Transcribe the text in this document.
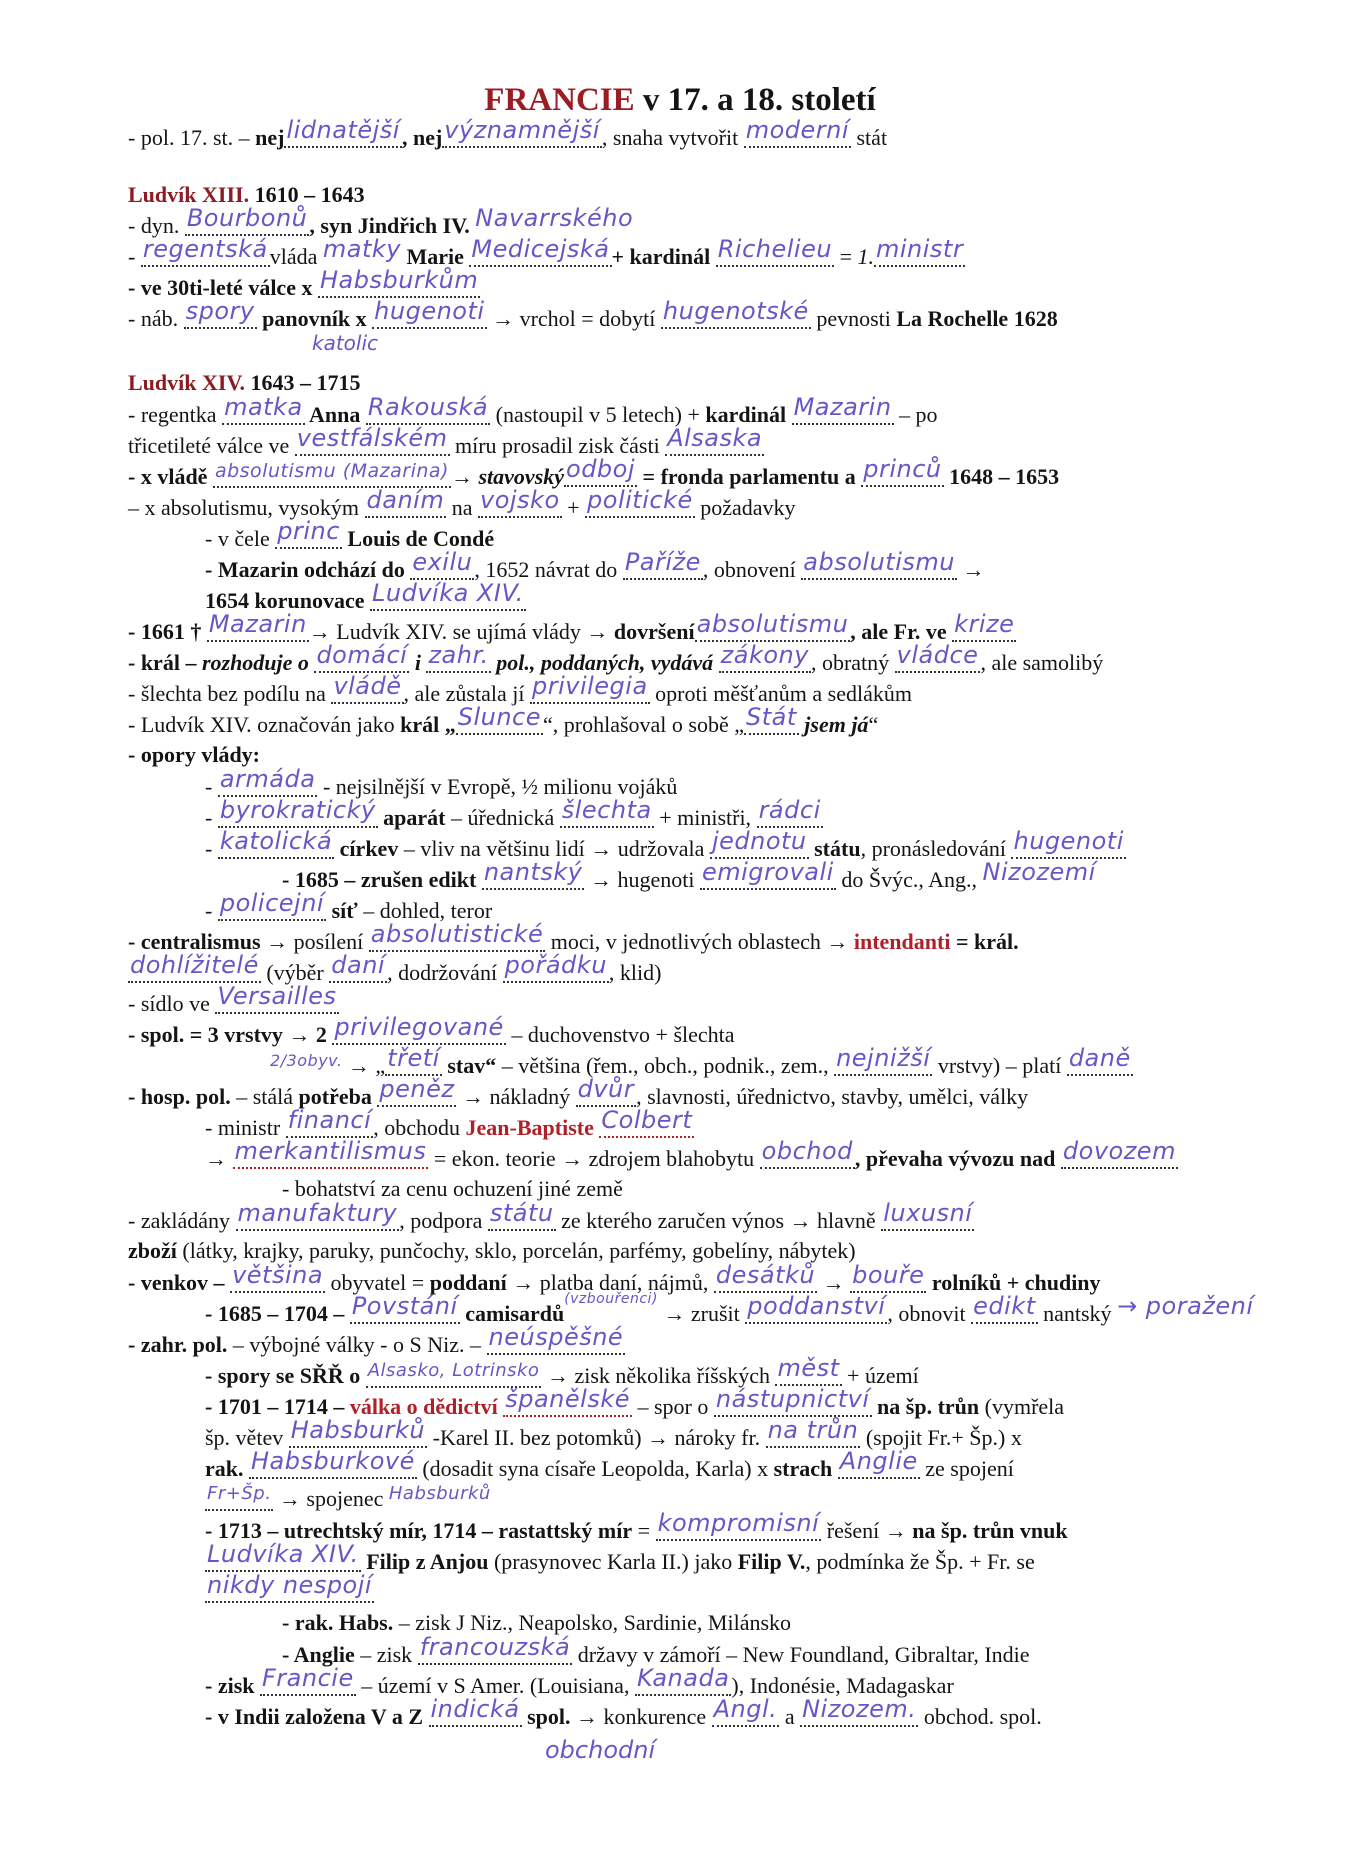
FRANCIE v 17. a 18. století
- pol. 17. st. – nejlidnatější, nejvýznamnější, snaha vytvořit moderní stát
Ludvík XIII. 1610 – 1643
- dyn. Bourbonů, syn Jindřich IV. Navarrského
- regentskávláda matky Marie Medicejská+ kardinál Richelieu = 1.ministr
- ve 30ti-leté válce x Habsburkům
- náb. spory panovník x hugenoti → vrchol = dobytí hugenotské pevnosti La Rochelle 1628
katolic
Ludvík XIV. 1643 – 1715
- regentka matka Anna Rakouská (nastoupil v 5 letech) + kardinál Mazarin – po
třicetileté válce ve vestfálském míru prosadil zisk části Alsaska
- x vládě absolutismu (Mazarina)→ stavovskýodboj = fronda parlamentu a princů 1648 – 1653
– x absolutismu, vysokým daním na vojsko + politické požadavky
- v čele princ Louis de Condé
- Mazarin odchází do exilu, 1652 návrat do Paříže, obnovení absolutismu →
1654 korunovace Ludvíka XIV.
- 1661 † Mazarin→ Ludvík XIV. se ujímá vlády → dovršeníabsolutismu, ale Fr. ve krize
- král – rozhoduje o domácí i zahr. pol., poddaných, vydává zákony, obratný vládce, ale samolibý
- šlechta bez podílu na vládě, ale zůstala jí privilegia oproti měšťanům a sedlákům
- Ludvík XIV. označován jako král „Slunce“, prohlašoval o sobě „Stát jsem já“
- opory vlády:
- armáda - nejsilnější v Evropě, ½ milionu vojáků
- byrokratický aparát – úřednická šlechta + ministři, rádci
- katolická církev – vliv na většinu lidí → udržovala jednotu státu, pronásledování hugenoti
- 1685 – zrušen edikt nantský → hugenoti emigrovali do Švýc., Ang., Nizozemí
- policejní síť – dohled, teror
- centralismus → posílení absolutistické moci, v jednotlivých oblastech → intendanti = král.
dohlížitelé (výběr daní, dodržování pořádku, klid)
- sídlo ve Versailles
- spol. = 3 vrstvy → 2 privilegované – duchovenstvo + šlechta
$^{2/3obyv.}$ → „třetí stav“ – většina (řem., obch., podnik., zem., nejnižší vrstvy) – platí daně
- hosp. pol. – stálá potřeba peněz → nákladný dvůr, slavnosti, úřednictvo, stavby, umělci, války
- ministr financí, obchodu Jean-Baptiste Colbert
→ merkantilismus = ekon. teorie → zdrojem blahobytu obchod, převaha vývozu nad dovozem
- bohatství za cenu ochuzení jiné země
- zakládány manufaktury, podpora státu ze kterého zaručen výnos → hlavně luxusní
zboží (látky, krajky, paruky, punčochy, sklo, porcelán, parfémy, gobelíny, nábytek)
- venkov – většina obyvatel = poddaní → platba daní, nájmů, desátků → bouře rolníků + chudiny
- 1685 – 1704 – Povstání camisardů$^{(vzbouřenci)}$ → zrušit poddanství, obnovit edikt nantský → poražení
- zahr. pol. – výbojné války - o S Niz. – neúspěšné
- spory se SŘŘ o $^{Alsasko, Lotrinsko}$ → zisk několika říšských měst + území
- 1701 – 1714 – válka o dědictví španělské – spor o nástupnictví na šp. trůn (vymřela
šp. větev Habsburků -Karel II. bez potomků) → nároky fr. na trůn (spojit Fr.+ Šp.) x
rak. Habsburkové (dosadit syna císaře Leopolda, Karla) x strach Anglie ze spojení
$^{Fr+Šp.}$ → spojenec $^{Habsburků}$
- 1713 – utrechtský mír, 1714 – rastattský mír = kompromisní řešení → na šp. trůn vnuk
Ludvíka XIV. Filip z Anjou (prasynovec Karla II.) jako Filip V., podmínka že Šp. + Fr. se
nikdy nespojí
- rak. Habs. – zisk J Niz., Neapolsko, Sardinie, Milánsko
- Anglie – zisk francouzská državy v zámoří – New Foundland, Gibraltar, Indie
- zisk Francie – území v S Amer. (Louisiana, Kanada), Indonésie, Madagaskar
- v Indii založena V a Z indická spol. → konkurence Angl. a Nizozem. obchod. spol.
obchodní
